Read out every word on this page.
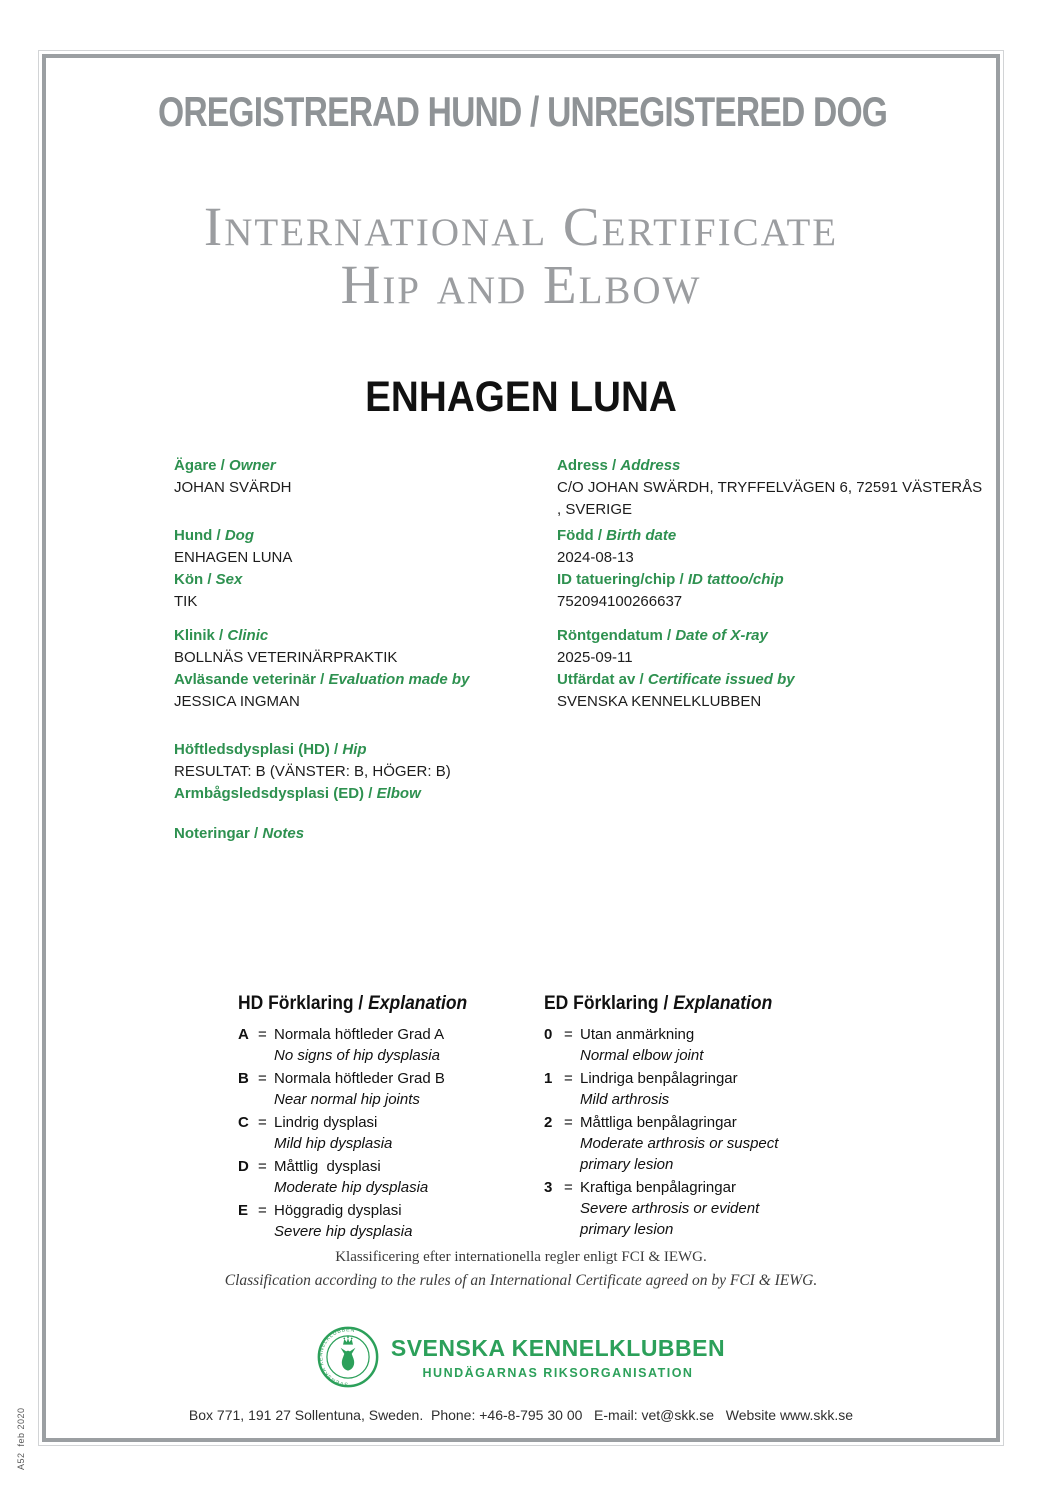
A52  feb 2020
OREGISTRERAD HUND / UNREGISTERED DOG
International Certificate
Hip and Elbow
ENHAGEN LUNA
Ägare / Owner
JOHAN SVÄRDH
Hund / Dog
ENHAGEN LUNA
Kön / Sex
TIK
Klinik / Clinic
BOLLNÄS VETERINÄRPRAKTIK
Avläsande veterinär / Evaluation made by
JESSICA INGMAN
Höftledsdysplasi (HD) / Hip
RESULTAT: B (VÄNSTER: B, HÖGER: B)
Armbågsledsdysplasi (ED) / Elbow
Noteringar / Notes
Adress / Address
C/O JOHAN SWÄRDH, TRYFFELVÄGEN 6, 72591 VÄSTERÅS
, SVERIGE
Född / Birth date
2024-08-13
ID tatuering/chip / ID tattoo/chip
752094100266637
Röntgendatum / Date of X-ray
2025-09-11
Utfärdat av / Certificate issued by
SVENSKA KENNELKLUBBEN
HD Förklaring / Explanation
A = Normala höftleder Grad A
No signs of hip dysplasia
B = Normala höftleder Grad B
Near normal hip joints
C = Lindrig dysplasi
Mild hip dysplasia
D = Måttlig  dysplasi
Moderate hip dysplasia
E = Höggradig dysplasi
Severe hip dysplasia
ED Förklaring / Explanation
0 = Utan anmärkning
Normal elbow joint
1 = Lindriga benpålagringar
Mild arthrosis
2 = Måttliga benpålagringar
Moderate arthrosis or suspect primary lesion
3 = Kraftiga benpålagringar
Severe arthrosis or evident primary lesion
Klassificering efter internationella regler enligt FCI & IEWG.
Classification according to the rules of an International Certificate agreed on by FCI & IEWG.
SVENSKA KENNELKLUBBEN
SVENSKA KENNELKLUBBEN
HUNDÄGARNAS RIKSORGANISATION
Box 771, 191 27 Sollentuna, Sweden.  Phone: +46-8-795 30 00   E-mail: vet@skk.se   Website www.skk.se
